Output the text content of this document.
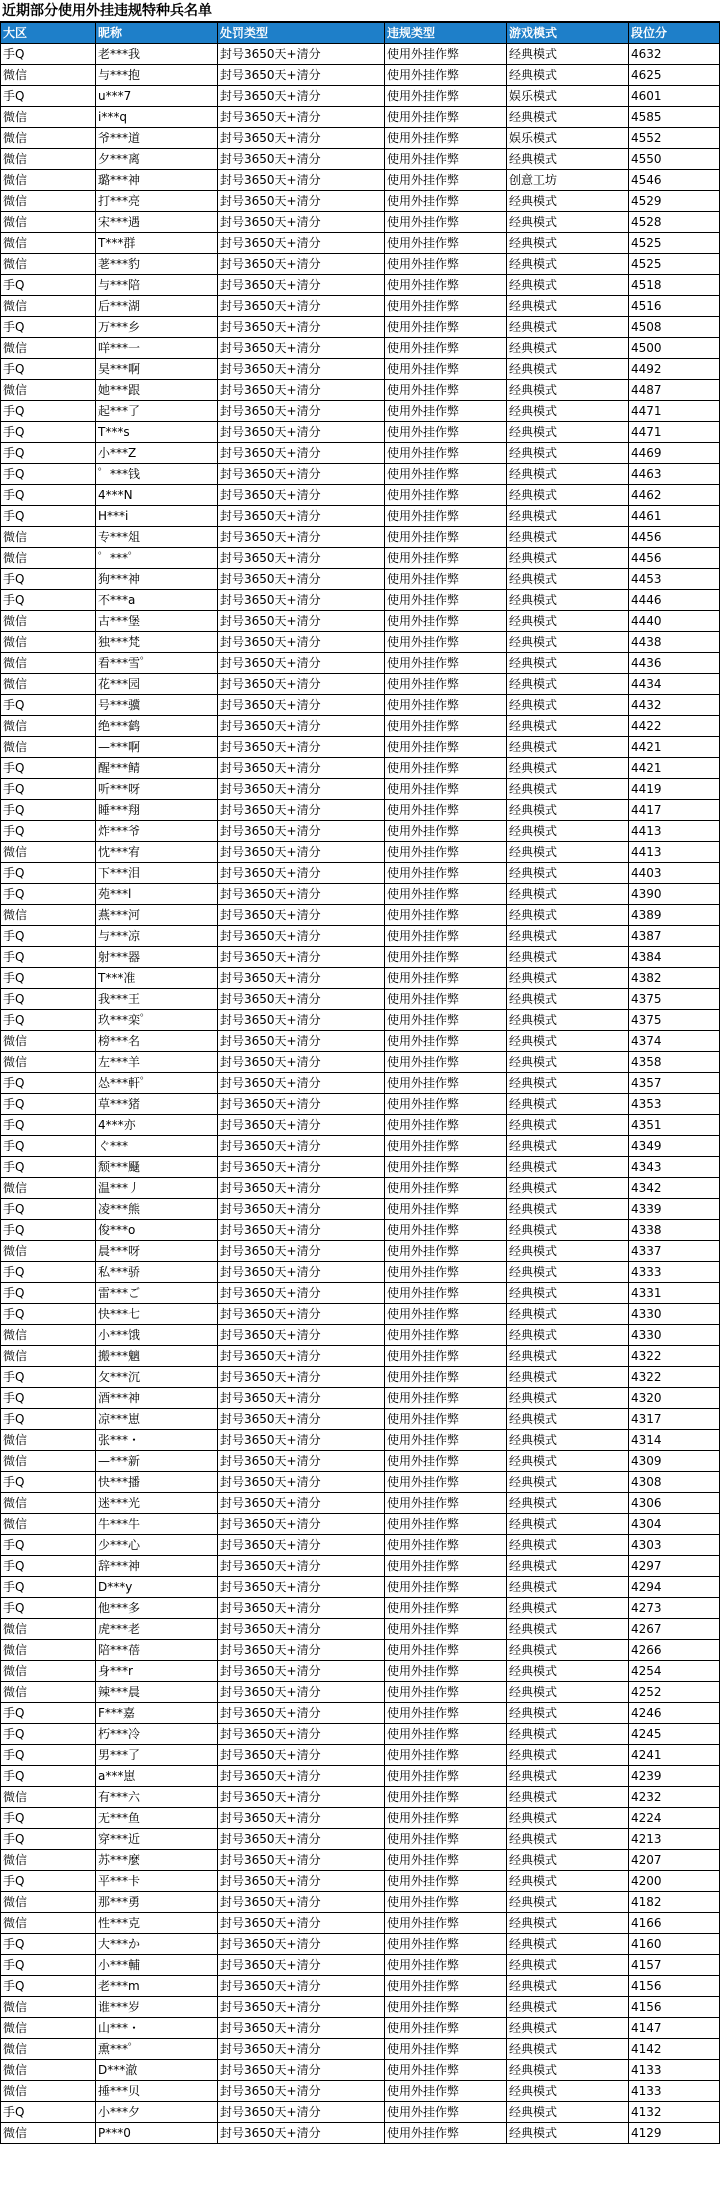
近期部分使用外挂违规特种兵名单
大区	昵称	处罚类型	违规类型	游戏模式	段位分
手Q	老***我	封号3650天+清分	使用外挂作弊	经典模式	4632
微信	与***抱	封号3650天+清分	使用外挂作弊	经典模式	4625
手Q	u***7	封号3650天+清分	使用外挂作弊	娱乐模式	4601
微信	i***q	封号3650天+清分	使用外挂作弊	经典模式	4585
微信	爷***道	封号3650天+清分	使用外挂作弊	娱乐模式	4552
微信	夕***离	封号3650天+清分	使用外挂作弊	经典模式	4550
微信	璐***神	封号3650天+清分	使用外挂作弊	创意工坊	4546
微信	打***亮	封号3650天+清分	使用外挂作弊	经典模式	4529
微信	宋***遇	封号3650天+清分	使用外挂作弊	经典模式	4528
微信	T***群	封号3650天+清分	使用外挂作弊	经典模式	4525
微信	荖***豹	封号3650天+清分	使用外挂作弊	经典模式	4525
手Q	与***陪	封号3650天+清分	使用外挂作弊	经典模式	4518
微信	后***湖	封号3650天+清分	使用外挂作弊	经典模式	4516
手Q	万***乡	封号3650天+清分	使用外挂作弊	经典模式	4508
微信	咩***一	封号3650天+清分	使用外挂作弊	经典模式	4500
手Q	昊***啊	封号3650天+清分	使用外挂作弊	经典模式	4492
微信	她***跟	封号3650天+清分	使用外挂作弊	经典模式	4487
手Q	起***了	封号3650天+清分	使用外挂作弊	经典模式	4471
手Q	T***s	封号3650天+清分	使用外挂作弊	经典模式	4471
手Q	小***Z	封号3650天+清分	使用外挂作弊	经典模式	4469
手Q	゜***钱	封号3650天+清分	使用外挂作弊	经典模式	4463
手Q	4***N	封号3650天+清分	使用外挂作弊	经典模式	4462
手Q	H***i	封号3650天+清分	使用外挂作弊	经典模式	4461
微信	专***俎	封号3650天+清分	使用外挂作弊	经典模式	4456
微信	゜***゜	封号3650天+清分	使用外挂作弊	经典模式	4456
手Q	狗***神	封号3650天+清分	使用外挂作弊	经典模式	4453
手Q	不***a	封号3650天+清分	使用外挂作弊	经典模式	4446
微信	古***堡	封号3650天+清分	使用外挂作弊	经典模式	4440
微信	独***梵	封号3650天+清分	使用外挂作弊	经典模式	4438
微信	看***雪゜	封号3650天+清分	使用外挂作弊	经典模式	4436
微信	花***园	封号3650天+清分	使用外挂作弊	经典模式	4434
手Q	号***骥	封号3650天+清分	使用外挂作弊	经典模式	4432
微信	绝***鹤	封号3650天+清分	使用外挂作弊	经典模式	4422
微信	—***啊	封号3650天+清分	使用外挂作弊	经典模式	4421
手Q	醒***鲭	封号3650天+清分	使用外挂作弊	经典模式	4421
手Q	听***呀	封号3650天+清分	使用外挂作弊	经典模式	4419
手Q	睡***翔	封号3650天+清分	使用外挂作弊	经典模式	4417
手Q	炸***爷	封号3650天+清分	使用外挂作弊	经典模式	4413
微信	忱***宥	封号3650天+清分	使用外挂作弊	经典模式	4413
手Q	下***泪	封号3650天+清分	使用外挂作弊	经典模式	4403
手Q	苑***l	封号3650天+清分	使用外挂作弊	经典模式	4390
微信	燕***河	封号3650天+清分	使用外挂作弊	经典模式	4389
手Q	与***凉	封号3650天+清分	使用外挂作弊	经典模式	4387
手Q	射***器	封号3650天+清分	使用外挂作弊	经典模式	4384
手Q	T***准	封号3650天+清分	使用外挂作弊	经典模式	4382
手Q	我***王	封号3650天+清分	使用外挂作弊	经典模式	4375
手Q	玖***栾゜	封号3650天+清分	使用外挂作弊	经典模式	4375
微信	榜***名	封号3650天+清分	使用外挂作弊	经典模式	4374
微信	左***羊	封号3650天+清分	使用外挂作弊	经典模式	4358
手Q	怂***軒゜	封号3650天+清分	使用外挂作弊	经典模式	4357
手Q	草***猪	封号3650天+清分	使用外挂作弊	经典模式	4353
手Q	4***亦	封号3650天+清分	使用外挂作弊	经典模式	4351
手Q	ぐ***	封号3650天+清分	使用外挂作弊	经典模式	4349
手Q	颓***颾	封号3650天+清分	使用外挂作弊	经典模式	4343
微信	温***丿	封号3650天+清分	使用外挂作弊	经典模式	4342
手Q	凌***熊	封号3650天+清分	使用外挂作弊	经典模式	4339
手Q	俊***o	封号3650天+清分	使用外挂作弊	经典模式	4338
微信	晨***呀	封号3650天+清分	使用外挂作弊	经典模式	4337
手Q	私***骄	封号3650天+清分	使用外挂作弊	经典模式	4333
手Q	雷***ご	封号3650天+清分	使用外挂作弊	经典模式	4331
手Q	快***七	封号3650天+清分	使用外挂作弊	经典模式	4330
微信	小***饿	封号3650天+清分	使用外挂作弊	经典模式	4330
微信	搬***魑	封号3650天+清分	使用外挂作弊	经典模式	4322
手Q	攵***沉	封号3650天+清分	使用外挂作弊	经典模式	4322
手Q	酒***神	封号3650天+清分	使用外挂作弊	经典模式	4320
手Q	凉***崽	封号3650天+清分	使用外挂作弊	经典模式	4317
微信	张***・	封号3650天+清分	使用外挂作弊	经典模式	4314
微信	—***新	封号3650天+清分	使用外挂作弊	经典模式	4309
手Q	快***播	封号3650天+清分	使用外挂作弊	经典模式	4308
微信	迷***光	封号3650天+清分	使用外挂作弊	经典模式	4306
微信	牛***牛	封号3650天+清分	使用外挂作弊	经典模式	4304
手Q	少***心	封号3650天+清分	使用外挂作弊	经典模式	4303
手Q	辞***神	封号3650天+清分	使用外挂作弊	经典模式	4297
手Q	D***y	封号3650天+清分	使用外挂作弊	经典模式	4294
手Q	他***多	封号3650天+清分	使用外挂作弊	经典模式	4273
微信	虎***老	封号3650天+清分	使用外挂作弊	经典模式	4267
微信	陪***蓓	封号3650天+清分	使用外挂作弊	经典模式	4266
微信	身***r	封号3650天+清分	使用外挂作弊	经典模式	4254
微信	辣***晨	封号3650天+清分	使用外挂作弊	经典模式	4252
手Q	F***嘉	封号3650天+清分	使用外挂作弊	经典模式	4246
手Q	朽***冷	封号3650天+清分	使用外挂作弊	经典模式	4245
手Q	男***了	封号3650天+清分	使用外挂作弊	经典模式	4241
手Q	a***崽	封号3650天+清分	使用外挂作弊	经典模式	4239
微信	有***六	封号3650天+清分	使用外挂作弊	经典模式	4232
手Q	无***鱼	封号3650天+清分	使用外挂作弊	经典模式	4224
手Q	穿***近	封号3650天+清分	使用外挂作弊	经典模式	4213
微信	苏***麼	封号3650天+清分	使用外挂作弊	经典模式	4207
手Q	平***卡	封号3650天+清分	使用外挂作弊	经典模式	4200
微信	那***勇	封号3650天+清分	使用外挂作弊	经典模式	4182
微信	性***克	封号3650天+清分	使用外挂作弊	经典模式	4166
手Q	大***か	封号3650天+清分	使用外挂作弊	经典模式	4160
手Q	小***輔	封号3650天+清分	使用外挂作弊	经典模式	4157
手Q	老***m	封号3650天+清分	使用外挂作弊	经典模式	4156
微信	谁***岁	封号3650天+清分	使用外挂作弊	经典模式	4156
微信	山***・	封号3650天+清分	使用外挂作弊	经典模式	4147
微信	熏***゜	封号3650天+清分	使用外挂作弊	经典模式	4142
微信	D***澈	封号3650天+清分	使用外挂作弊	经典模式	4133
微信	捶***贝	封号3650天+清分	使用外挂作弊	经典模式	4133
手Q	小***夕	封号3650天+清分	使用外挂作弊	经典模式	4132
微信	P***0	封号3650天+清分	使用外挂作弊	经典模式	4129
